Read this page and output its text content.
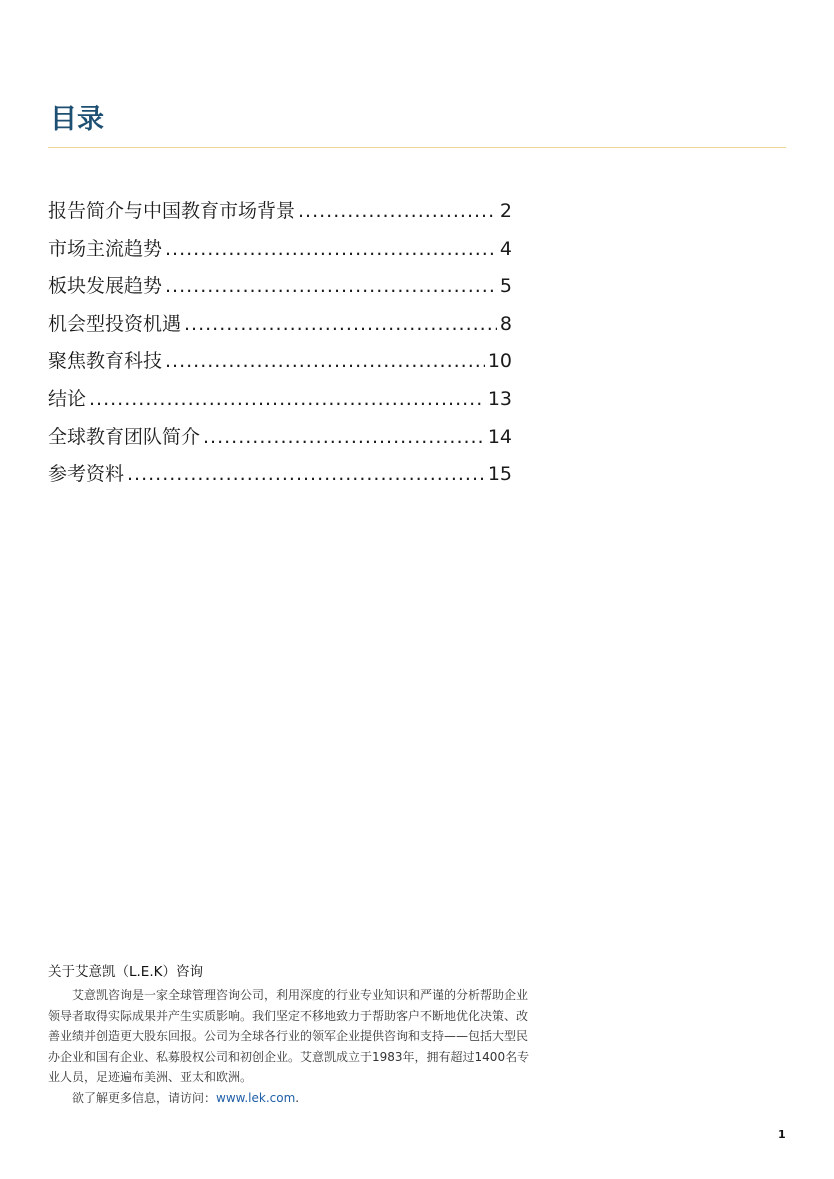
目录
报告简介与中国教育市场背景 .....	2
市场主流趋势 .....	4
板块发展趋势 .....	5
机会型投资机遇 .....	8
聚焦教育科技 .....	10
结论 .....	13
全球教育团队简介 .....	14
参考资料 .....	15

关于艾意凯（L.E.K）咨询

艾意凯咨询是一家全球管理咨询公司，利用深度的行业专业知识和严谨的分析帮助企业领导者取得实际成果并产生实质影响。我们坚定不移地致力于帮助客户不断地优化决策、改善业绩并创造更大股东回报。公司为全球各行业的领军企业提供咨询和支持——包括大型民办企业和国有企业、私募股权公司和初创企业。艾意凯成立于1983年，拥有超过1400名专业人员，足迹遍布美洲、亚太和欧洲。

欲了解更多信息，请访问：www.lek.com.

1
